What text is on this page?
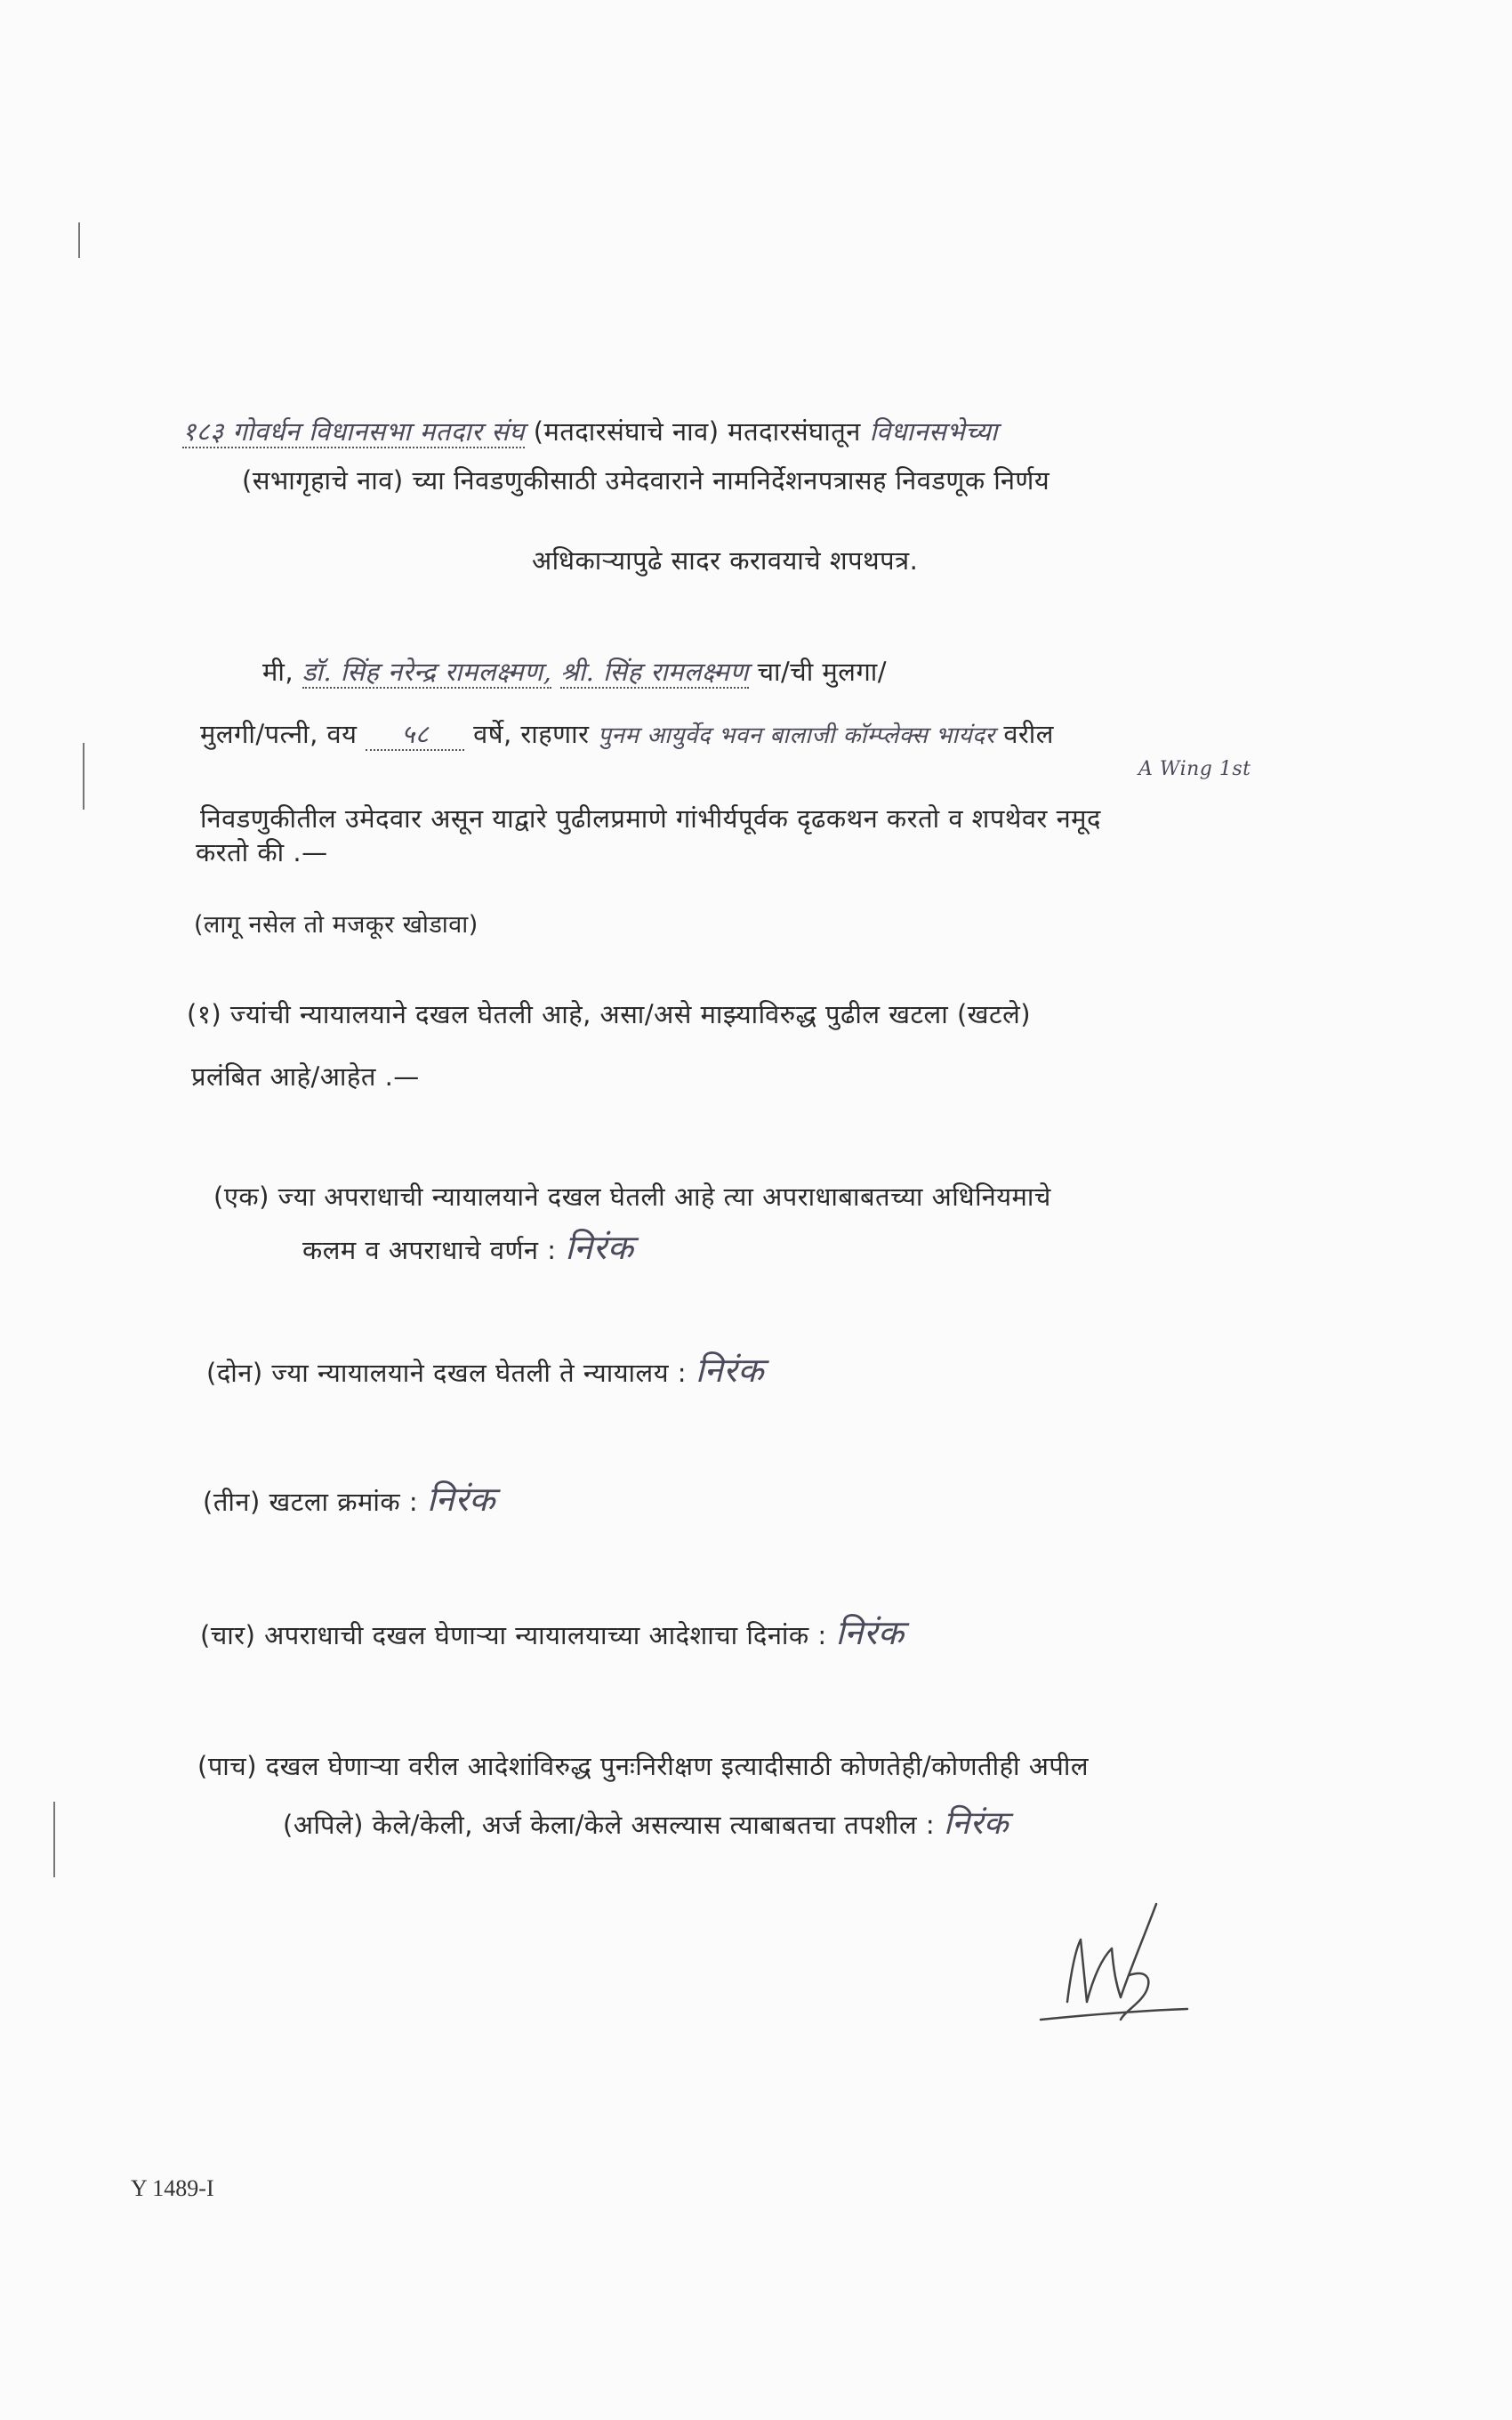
१८३ गोवर्धन विधानसभा मतदार संघ (मतदारसंघाचे नाव) मतदारसंघातून विधानसभेच्या
(सभागृहाचे नाव) च्या निवडणुकीसाठी उमेदवाराने नामनिर्देशनपत्रासह निवडणूक निर्णय
अधिकाऱ्यापुढे सादर करावयाचे शपथपत्र.
मी, डॉ. सिंह नरेन्द्र रामलक्ष्मण, श्री. सिंह रामलक्ष्मण चा/ची मुलगा/
मुलगी/पत्नी, वय ५८ वर्षे, राहणार पुनम आयुर्वेद भवन बालाजी कॉम्प्लेक्स भायंदर वरील
A Wing 1st
निवडणुकीतील उमेदवार असून याद्वारे पुढीलप्रमाणे गांभीर्यपूर्वक दृढकथन करतो व शपथेवर नमूद
करतो की .—
(लागू नसेल तो मजकूर खोडावा)
(१) ज्यांची न्यायालयाने दखल घेतली आहे, असा/असे माझ्याविरुद्ध पुढील खटला (खटले)
प्रलंबित आहे/आहेत .—
(एक) ज्या अपराधाची न्यायालयाने दखल घेतली आहे त्या अपराधाबाबतच्या अधिनियमाचे
कलम व अपराधाचे वर्णन : निरंक
(दोन) ज्या न्यायालयाने दखल घेतली ते न्यायालय : निरंक
(तीन) खटला क्रमांक : निरंक
(चार) अपराधाची दखल घेणाऱ्या न्यायालयाच्या आदेशाचा दिनांक : निरंक
(पाच) दखल घेणाऱ्या वरील आदेशांविरुद्ध पुनःनिरीक्षण इत्यादीसाठी कोणतेही/कोणतीही अपील
(अपिले) केले/केली, अर्ज केला/केले असल्यास त्याबाबतचा तपशील : निरंक
Y 1489-I
